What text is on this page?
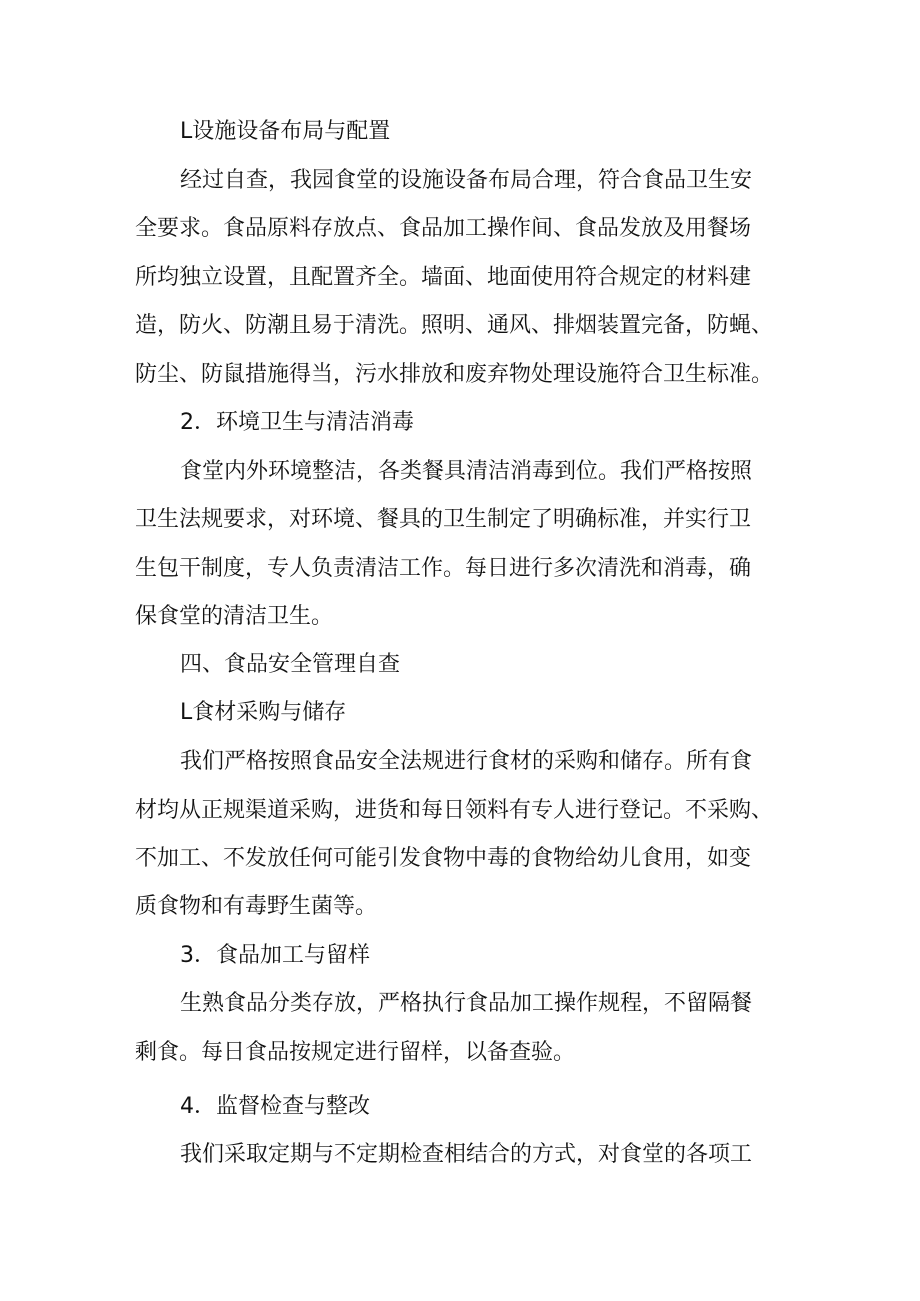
L设施设备布局与配置
经过自查，我园食堂的设施设备布局合理，符合食品卫生安
全要求。食品原料存放点、食品加工操作间、食品发放及用餐场
所均独立设置，且配置齐全。墙面、地面使用符合规定的材料建
造，防火、防潮且易于清洗。照明、通风、排烟装置完备，防蝇、
防尘、防鼠措施得当，污水排放和废弃物处理设施符合卫生标准。
2．环境卫生与清洁消毒
食堂内外环境整洁，各类餐具清洁消毒到位。我们严格按照
卫生法规要求，对环境、餐具的卫生制定了明确标准，并实行卫
生包干制度，专人负责清洁工作。每日进行多次清洗和消毒，确
保食堂的清洁卫生。
四、食品安全管理自查
L食材采购与储存
我们严格按照食品安全法规进行食材的采购和储存。所有食
材均从正规渠道采购，进货和每日领料有专人进行登记。不采购、
不加工、不发放任何可能引发食物中毒的食物给幼儿食用，如变
质食物和有毒野生菌等。
3．食品加工与留样
生熟食品分类存放，严格执行食品加工操作规程，不留隔餐
剩食。每日食品按规定进行留样，以备查验。
4．监督检查与整改
我们采取定期与不定期检查相结合的方式，对食堂的各项工
